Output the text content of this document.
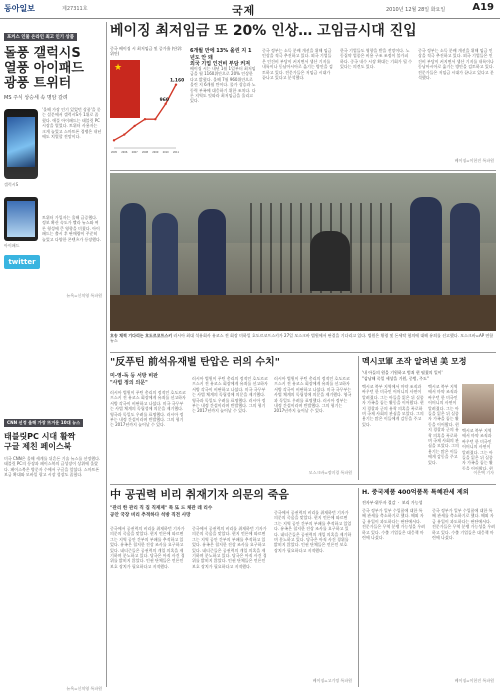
동아일보	제27311호	국제	2010년 12월 28일 화요일	A19
포커스 인물 온라인 최고 인기 상품
돌풍 갤럭시S
열풍 아이패드
광풍 트위터
MS 주식 상승세 속 명암 갈려
갤럭시S

'올해 가장 인기 있었던 상품'을 묻는 설문에서 갤럭시S가 1위로 꼽혔다. 애플 아이패드는 태블릿 PC 시장을 열었다. 트위터 사용자는 크게 늘었고 스마트폰 경쟁은 내년에도 치열할 전망이다.

아이패드
twitter

트위터 가입자는 올해 급증했다. 정보 확산 속도가 빨라 뉴스와 여론 형성에 큰 영향을 미쳤다. 아이패드는 출시 후 판매량이 꾸준히 늘었고 다양한 콘텐츠가 등장했다.

뉴욕=신치영 특파원
CNN 선정 올해 가장 뜨거운 10대 뉴스
태블릿PC 시대 활짝
구글 제친 페이스북

미국 CNN은 올해 세계를 뒤흔든 기술 뉴스를 선정했다. 태블릿 PC의 등장과 페이스북의 급성장이 상위에 올랐다. 페이스북은 방문자 수에서 구글을 앞섰다. 스마트폰 보급 확대와 모바일 광고 시장 성장도 꼽혔다.

뉴욕=신치영 특파원
베이징 최저임금 또 20% 인상… 고임금시대 진입
중국 베이징 시 최저임금 및 증가율 (단위: 위안)
★
960
1,160
2005 2006 2007 2008 2009 2010 2011
6개월 만에 13% 올린 지 1년도 안 돼
외국 기업 인건비 부담 커져

베이징 시는 내년 1월 1일부터 최저임금을 월 1160위안으로 20% 인상한다고 밝혔다. 올해 7월 960위안으로 올린 지 6개월 만이다. 물가 상승과 노동력 부족에 대응하기 위한 조치다. 다른 지역도 잇따라 최저임금을 올리고 있다.

중국 정부는 소득 분배 개선을 위해 임금 인상을 적극 추진하고 있다. 외국 기업들은 인건비 부담이 커지면서 생산 기지를 내륙이나 동남아시아로 옮기는 방안을 검토하고 있다. 전문가들은 저임금 시대가 끝나고 있다고 분석했다.

한국 기업들도 영향을 받을 전망이다. 노동집약 업종은 비용 구조 조정이 불가피하다. 중국 내수 시장 확대는 기회가 될 수 있다는 의견도 있다.

중국 정부는 소득 분배 개선을 위해 임금 인상을 적극 추진하고 있다. 외국 기업들은 인건비 부담이 커지면서 생산 기지를 내륙이나 동남아시아로 옮기는 방안을 검토하고 있다. 전문가들은 저임금 시대가 끝나고 있다고 분석했다.

베이징=이헌진 특파원
호송 채찍 기다리는 호도르코프스키 러시아 최대 석유회사 유코스 전 회장 미하일 호도르코프스키가 27일 모스크바 법원에서 판결을 기다리고 있다. 법원은 횡령 및 돈세탁 혐의에 대해 유죄를 선고했다. 모스크바=AP 연합뉴스
"反푸틴 前석유재벌 탄압은 러의 수치"
미-영-독 등 서방 비판
"사법 정의 의문"

러시아 법원이 푸틴 총리의 정적인 호도르코프스키 전 유코스 회장에게 유죄를 선고하자 서방 각국이 비판하고 나섰다. 미국 국무부는 사법 체계의 독립성에 의문을 제기했다. 영국과 독일도 우려를 표명했다. 러시아 정부는 내정 간섭이라며 반발했다. 그의 형기는 2017년까지 늘어날 수 있다.

러시아 법원이 푸틴 총리의 정적인 호도르코프스키 전 유코스 회장에게 유죄를 선고하자 서방 각국이 비판하고 나섰다. 미국 국무부는 사법 체계의 독립성에 의문을 제기했다. 영국과 독일도 우려를 표명했다. 러시아 정부는 내정 간섭이라며 반발했다. 그의 형기는 2017년까지 늘어날 수 있다.

러시아 법원이 푸틴 총리의 정적인 호도르코프스키 전 유코스 회장에게 유죄를 선고하자 서방 각국이 비판하고 나섰다. 미국 국무부는 사법 체계의 독립성에 의문을 제기했다. 영국과 독일도 우려를 표명했다. 러시아 정부는 내정 간섭이라며 반발했다. 그의 형기는 2017년까지 늘어날 수 있다.

모스크바=정미경 특파원
멕시코軍 조작 알려낸 美 모정
'내 아들의 원을 기원하고 범죄 현 펼쳤의 일이'
"삼남해 죽일 세상을 기원, 중범, 주도"

멕시코 북부 지역에서 마약 조직과 싸우던 한 미국인 어머니의 사연이 알려졌다. 그는 아들을 잃은 뒤 실종자 가족을 돕는 활동을 이어왔다. 현지 경찰과 군의 유착 의혹을 폭로하며 국제 사회의 관심을 모았다. 그의 용기는 많은 이들에게 감동을 주고 있다.

멕시코 북부 지역에서 마약 조직과 싸우던 한 미국인 어머니의 사연이 알려졌다. 그는 아들을 잃은 뒤 실종자 가족을 돕는 활동을 이어왔다. 현지 경찰과 군의 유착 의혹을 폭로하며 국제 사회의 관심을 모았다. 그의 용기는 많은 이들에게 감동을 주고 있다.

멕시코 북부 지역에서 마약 조직과 싸우던 한 미국인 어머니의 사연이 알려졌다. 그는 아들을 잃은 뒤 실종자 가족을 돕는 활동을 이어왔다. 현

이은택 기자
中 공권력 비리 취재기자 의문의 죽음
"관리 한 관리 직 집 직재제" 특 또 드 체관 레 리수
공안 국장 비리 추적하다 석방 직전 사망

중국에서 공권력의 비리를 취재하던 기자가 의문의 죽음을 맞았다. 현지 언론에 따르면 그는 지역 공안 간부의 부패를 추적하고 있었다. 유족은 철저한 진상 조사를 요구하고 있다. 네티즌들은 공권력의 개입 의혹을 제기하며 분노하고 있다. 당국은 아직 사건 경위를 밝히지 않았다. 인권 단체들은 언론인 보호 장치가 필요하다고 지적했다.

중국에서 공권력의 비리를 취재하던 기자가 의문의 죽음을 맞았다. 현지 언론에 따르면 그는 지역 공안 간부의 부패를 추적하고 있었다. 유족은 철저한 진상 조사를 요구하고 있다. 네티즌들은 공권력의 개입 의혹을 제기하며 분노하고 있다. 당국은 아직 사건 경위를 밝히지 않았다. 인권 단체들은 언론인 보호 장치가 필요하다고 지적했다.

중국에서 공권력의 비리를 취재하던 기자가 의문의 죽음을 맞았다. 현지 언론에 따르면 그는 지역 공안 간부의 부패를 추적하고 있었다. 유족은 철저한 진상 조사를 요구하고 있다. 네티즌들은 공권력의 개입 의혹을 제기하며 분노하고 있다. 당국은 아직 사건 경위를 밝히지 않았다. 인권 단체들은 언론인 보호 장치가 필요하다고 지적했다.

베이징=고기정 특파원
H. 중국제품 400억품목 특혜관세 제외
전자부·위투자 절감 ㆍ 보리 가능성

중국 정부가 일부 수입품에 대한 특혜 관세를 축소하기로 했다. 해외 자금 유입이 과도하다는 판단에서다. 전문가들은 무역 분쟁 가능성을 우려하고 있다. 수출 기업들은 대응책 마련에 나섰다.

중국 정부가 일부 수입품에 대한 특혜 관세를 축소하기로 했다. 해외 자금 유입이 과도하다는 판단에서다. 전문가들은 무역 분쟁 가능성을 우려하고 있다. 수출 기업들은 대응책 마련에 나섰다.

베이징=이헌진 특파원
